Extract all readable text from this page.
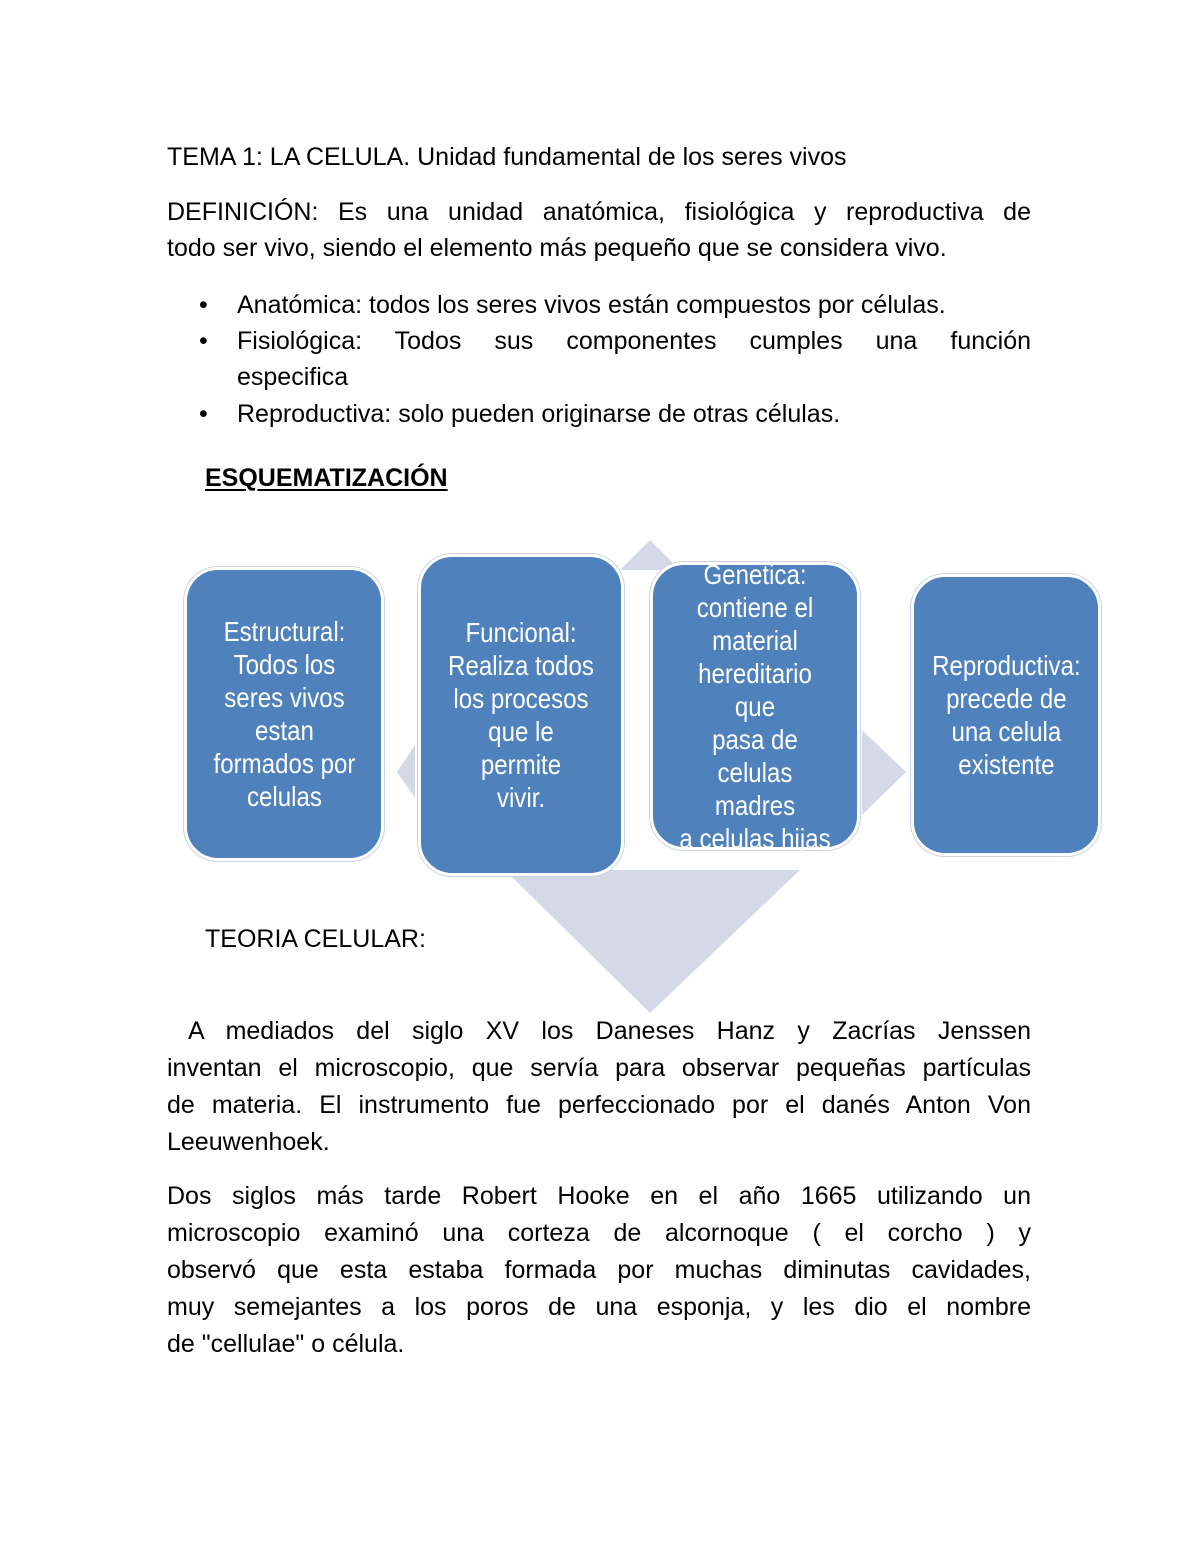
TEMA 1: LA CELULA. Unidad fundamental de los seres vivos
DEFINICIÓN: Es una unidad anatómica, fisiológica y reproductiva de
todo ser vivo, siendo el elemento más pequeño que se considera vivo.
• Anatómica: todos los seres vivos están compuestos por células.
• Fisiológica: Todos sus componentes cumples una función
especifica
• Reproductiva: solo pueden originarse de otras células.
ESQUEMATIZACIÓN
Estructural:
Todos los
seres vivos
estan
formados por
celulas
Funcional:
Realiza todos
los procesos
que le permite
vivir.
Genetica:
contiene el
material
hereditario que
pasa de
celulas madres
a celulas hijas
Reproductiva:
precede de
una celula
existente
TEORIA CELULAR:
A mediados del siglo XV los Daneses Hanz y Zacrías Jenssen
inventan el microscopio, que servía para observar pequeñas partículas
de materia. El instrumento fue perfeccionado por el danés Anton Von
Leeuwenhoek.
Dos siglos más tarde Robert Hooke en el año 1665 utilizando un
microscopio examinó una corteza de alcornoque ( el corcho ) y
observó que esta estaba formada por muchas diminutas cavidades,
muy semejantes a los poros de una esponja, y les dio el nombre
de "cellulae" o célula.
